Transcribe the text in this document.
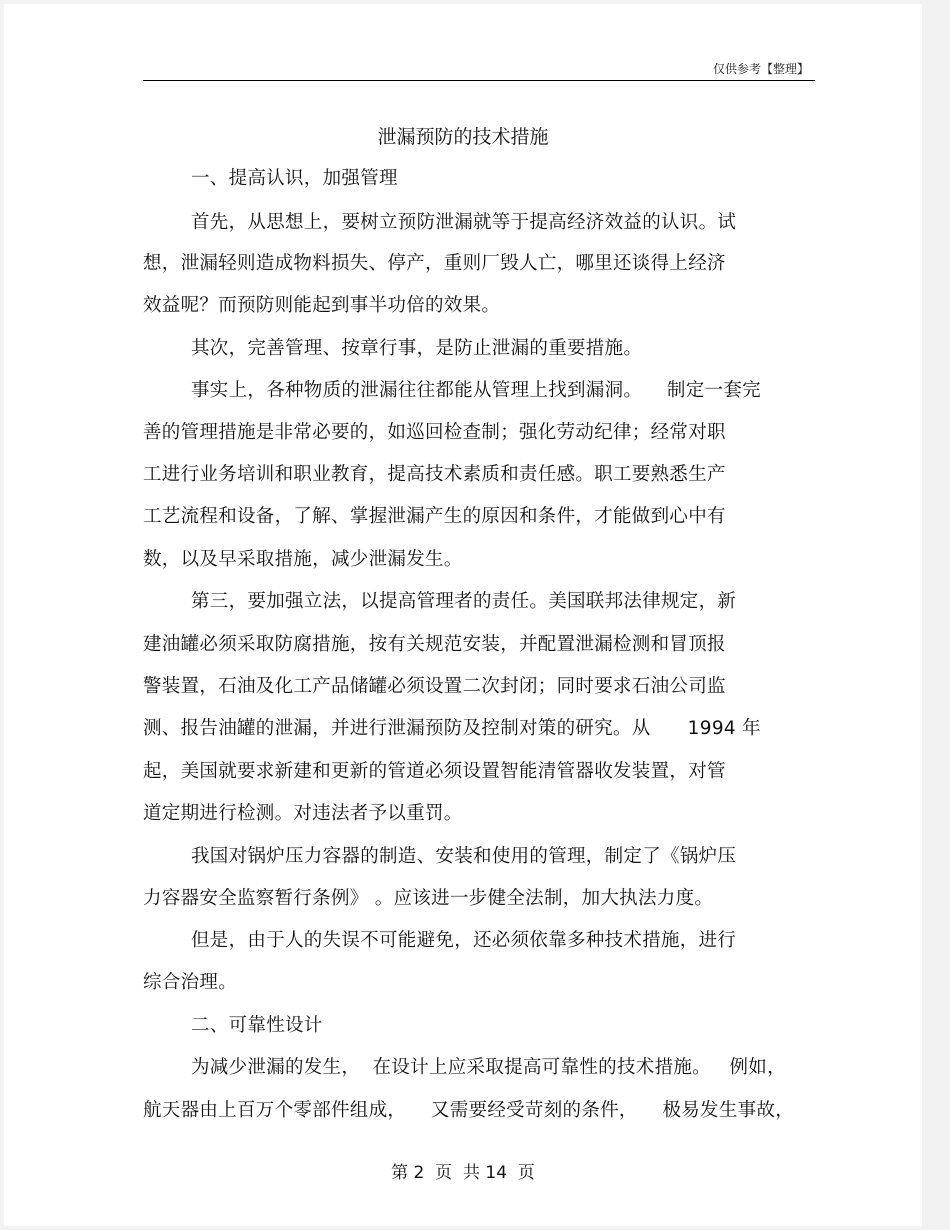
仅供参考【整理】
泄漏预防的技术措施
一、提高认识，加强管理
首先，从思想上，要树立预防泄漏就等于提高经济效益的认识。试
想，泄漏轻则造成物料损失、停产，重则厂毁人亡，哪里还谈得上经济
效益呢？而预防则能起到事半功倍的效果。
其次，完善管理、按章行事，是防止泄漏的重要措施。
事实上，各种物质的泄漏往往都能从管理上找到漏洞。    制定一套完
善的管理措施是非常必要的，如巡回检查制；强化劳动纪律；经常对职
工进行业务培训和职业教育，提高技术素质和责任感。职工要熟悉生产
工艺流程和设备，了解、掌握泄漏产生的原因和条件，才能做到心中有
数，以及早采取措施，减少泄漏发生。
第三，要加强立法，以提高管理者的责任。美国联邦法律规定，新
建油罐必须采取防腐措施，按有关规范安装，并配置泄漏检测和冒顶报
警装置，石油及化工产品储罐必须设置二次封闭；同时要求石油公司监
测、报告油罐的泄漏，并进行泄漏预防及控制对策的研究。从      1994 年
起，美国就要求新建和更新的管道必须设置智能清管器收发装置，对管
道定期进行检测。对违法者予以重罚。
我国对锅炉压力容器的制造、安装和使用的管理，制定了《锅炉压
力容器安全监察暂行条例》 。应该进一步健全法制，加大执法力度。
但是，由于人的失误不可能避免，还必须依靠多种技术措施，进行
综合治理。
二、可靠性设计
为减少泄漏的发生，  在设计上应采取提高可靠性的技术措施。   例如，
航天器由上百万个零部件组成，    又需要经受苛刻的条件，    极易发生事故，
第 2  页  共 14  页
